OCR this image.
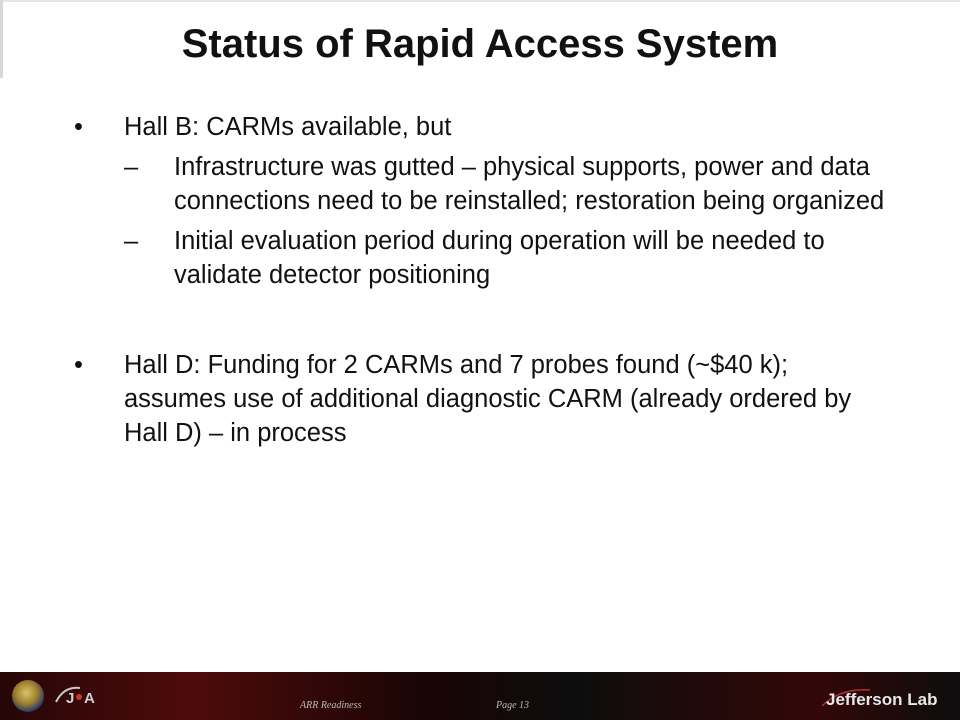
Status of Rapid Access System
•	Hall B: CARMs available, but
–	Infrastructure was gutted – physical supports, power and data connections need to be reinstalled; restoration being organized
–	Initial evaluation period during operation will be needed to validate detector positioning
•	Hall D: Funding for 2 CARMs and 7 probes found (~$40 k); assumes use of additional diagnostic CARM (already ordered by Hall D) – in process
ARR Readiness	Page 13
J A	Jefferson Lab
